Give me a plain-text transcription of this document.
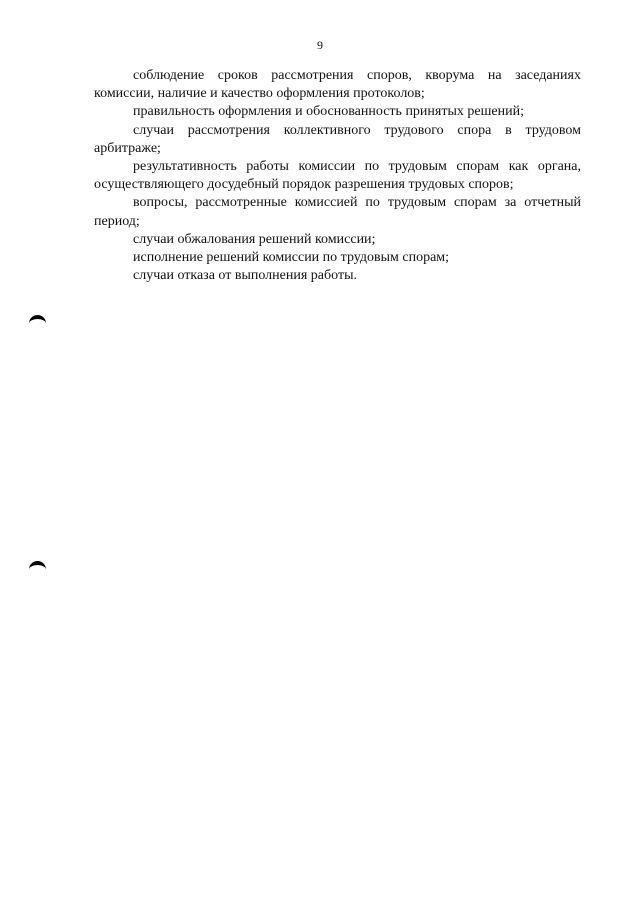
9

соблюдение сроков рассмотрения споров, кворума на заседаниях комиссии, наличие и качество оформления протоколов;

правильность оформления и обоснованность принятых решений;

случаи рассмотрения коллективного трудового спора в трудовом арбитраже;

результативность работы комиссии по трудовым спорам как органа, осуществляющего досудебный порядок разрешения трудовых споров;

вопросы, рассмотренные комиссией по трудовым спорам за отчетный период;

случаи обжалования решений комиссии;

исполнение решений комиссии по трудовым спорам;

случаи отказа от выполнения работы.
